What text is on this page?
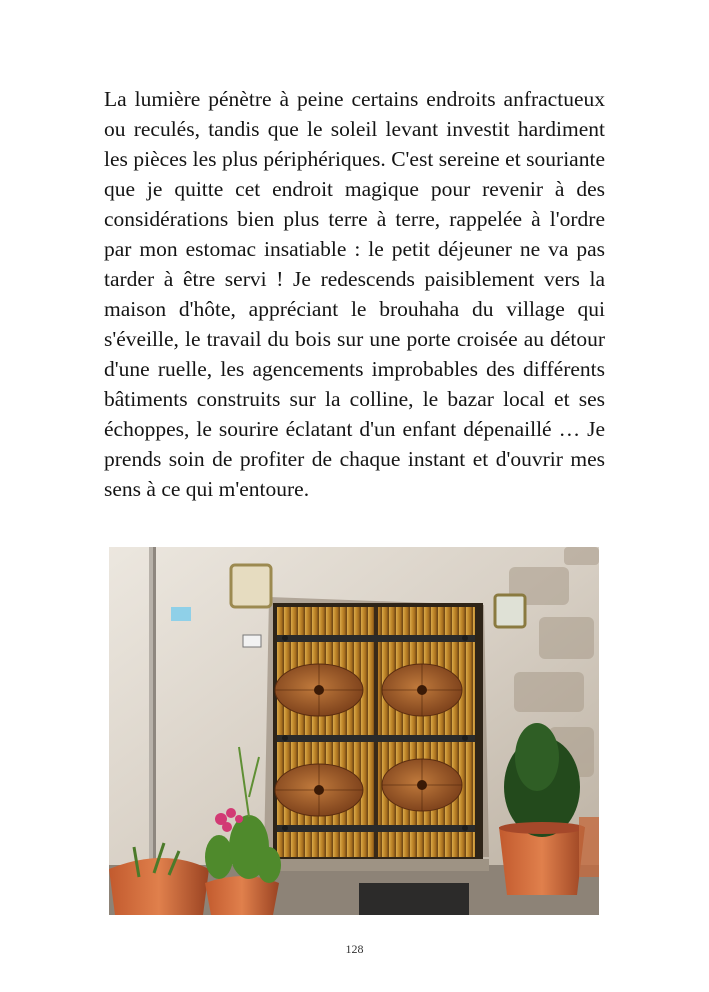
La lumière pénètre à peine certains endroits anfractueux ou reculés, tandis que le soleil levant investit hardiment les pièces les plus périphériques. C'est sereine et souriante que je quitte cet endroit magique pour revenir à des considérations bien plus terre à terre, rappelée à l'ordre par mon estomac insatiable : le petit déjeuner ne va pas tarder à être servi ! Je redescends paisiblement vers la maison d'hôte, appréciant le brouhaha du village qui s'éveille, le travail du bois sur une porte croisée au détour d'une ruelle, les agencements improbables des différents bâtiments construits sur la colline, le bazar local et ses échoppes, le sourire éclatant d'un enfant dépenaillé … Je prends soin de profiter de chaque instant et d'ouvrir mes sens à ce qui m'entoure.

128
